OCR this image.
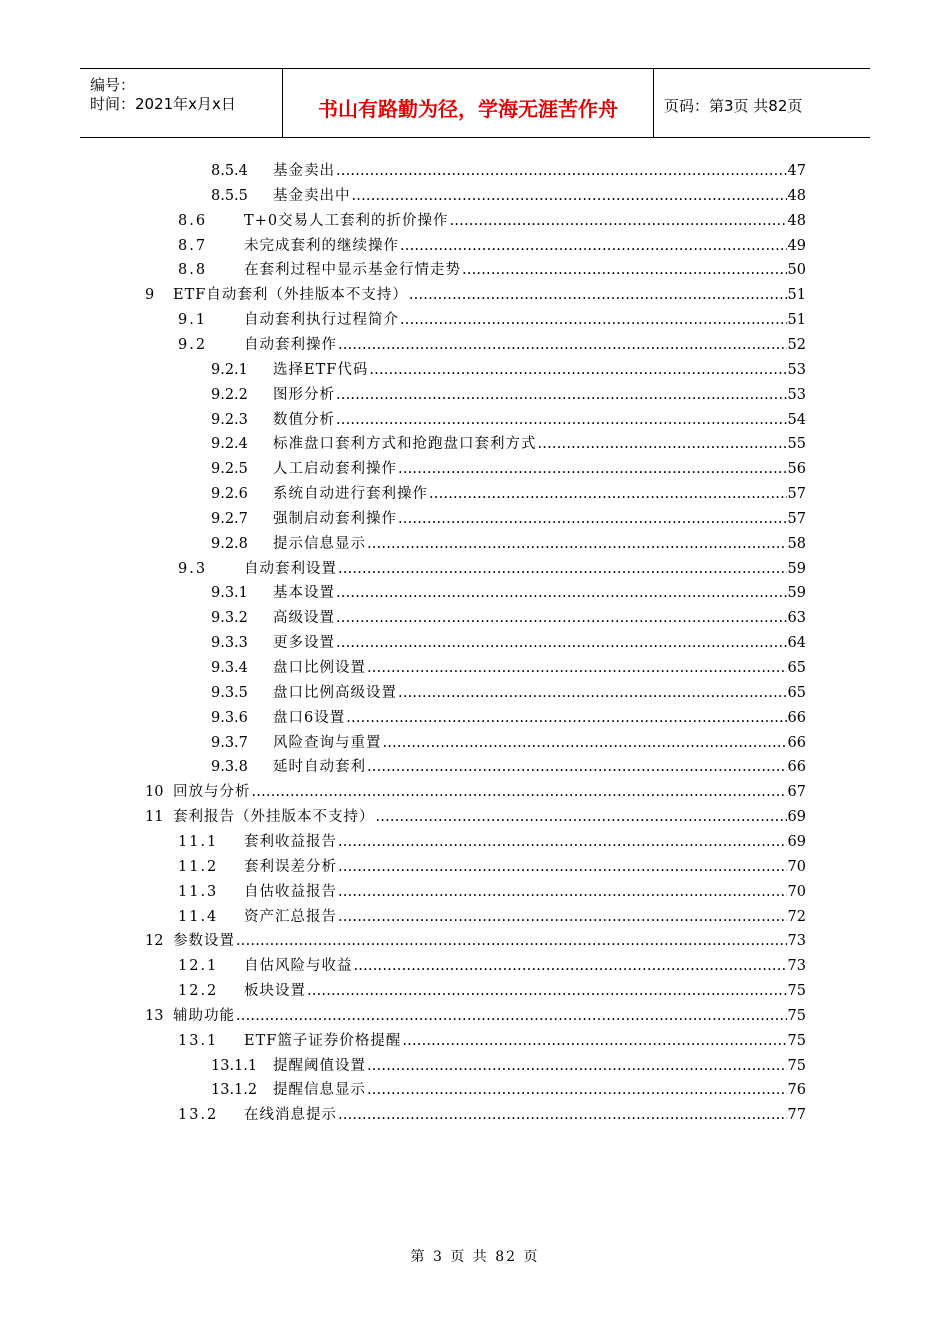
编号：
时间：2021年x月x日	书山有路勤为径，学海无涯苦作舟	页码：第3页 共82页
8.5.4	基金卖出 .....	47
8.5.5	基金卖出中 .....	48
8.6	T+0交易人工套利的折价操作 .....	48
8.7	未完成套利的继续操作 .....	49
8.8	在套利过程中显示基金行情走势 .....	50
9	ETF自动套利（外挂版本不支持） .....	51
9.1	自动套利执行过程简介 .....	51
9.2	自动套利操作 .....	52
9.2.1	选择ETF代码 .....	53
9.2.2	图形分析 .....	53
9.2.3	数值分析 .....	54
9.2.4	标准盘口套利方式和抢跑盘口套利方式 .....	55
9.2.5	人工启动套利操作 .....	56
9.2.6	系统自动进行套利操作 .....	57
9.2.7	强制启动套利操作 .....	57
9.2.8	提示信息显示 .....	58
9.3	自动套利设置 .....	59
9.3.1	基本设置 .....	59
9.3.2	高级设置 .....	63
9.3.3	更多设置 .....	64
9.3.4	盘口比例设置 .....	65
9.3.5	盘口比例高级设置 .....	65
9.3.6	盘口6设置 .....	66
9.3.7	风险查询与重置 .....	66
9.3.8	延时自动套利 .....	66
10 回放与分析 .....	67
11 套利报告（外挂版本不支持） .....	69
11.1	套利收益报告 .....	69
11.2	套利误差分析 .....	70
11.3	自估收益报告 .....	70
11.4	资产汇总报告 .....	72
12 参数设置 .....	73
12.1	自估风险与收益 .....	73
12.2	板块设置 .....	75
13 辅助功能 .....	75
13.1	ETF篮子证券价格提醒 .....	75
13.1.1	提醒阈值设置 .....	75
13.1.2	提醒信息显示 .....	76
13.2	在线消息提示 .....	77
第 3 页 共 82 页
